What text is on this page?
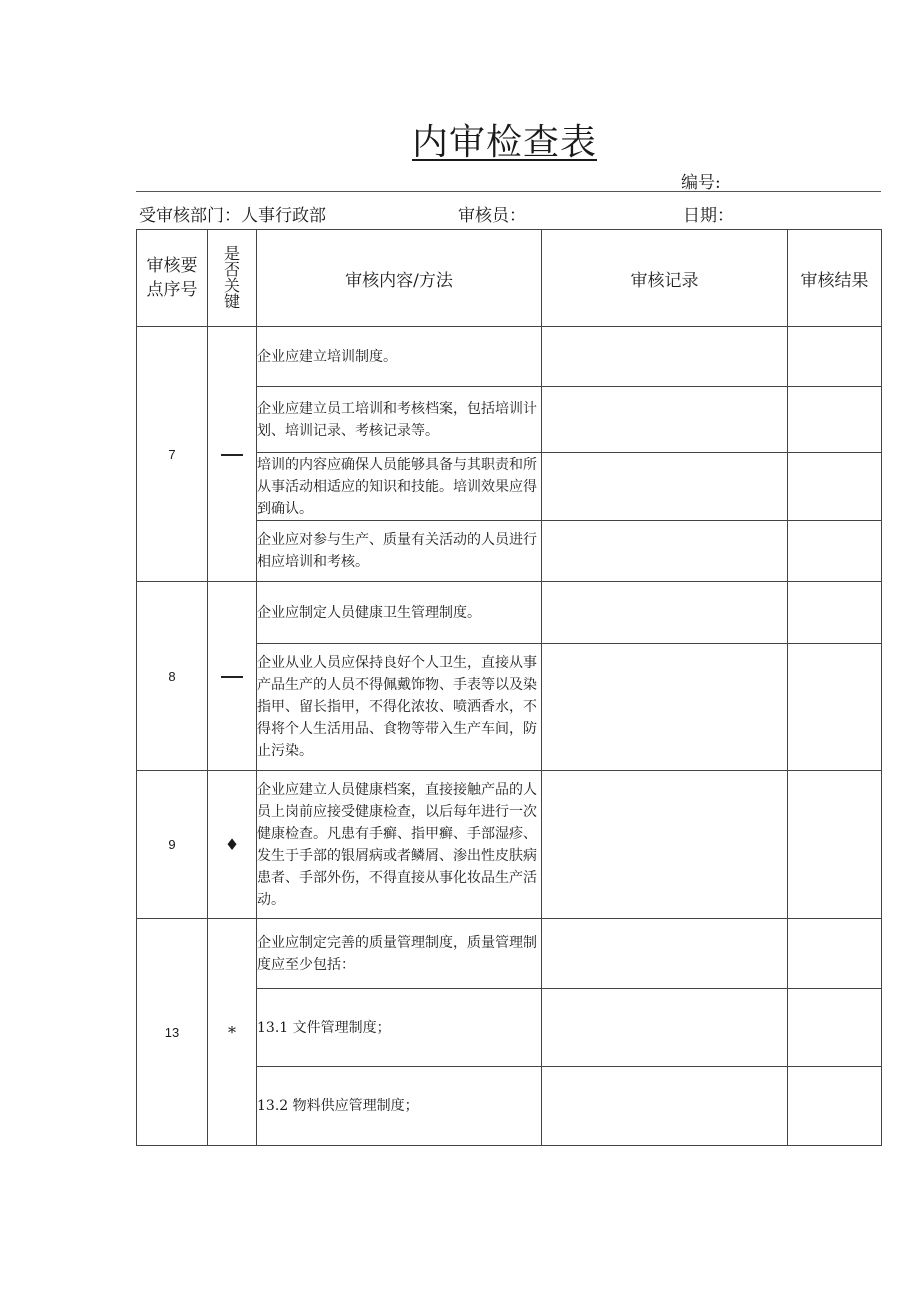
内审检查表
编号:
受审核部门：人事行政部	审核员：	日期：
审核要点序号	是否关键	审核内容/方法	审核记录	审核结果
7		企业应建立培训制度。		
		企业应建立员工培训和考核档案，包括培训计划、培训记录、考核记录等。		
		培训的内容应确保人员能够具备与其职责和所从事活动相适应的知识和技能。培训效果应得到确认。		
		企业应对参与生产、质量有关活动的人员进行相应培训和考核。		
8		企业应制定人员健康卫生管理制度。		
		企业从业人员应保持良好个人卫生，直接从事产品生产的人员不得佩戴饰物、手表等以及染指甲、留长指甲，不得化浓妆、喷洒香水，不得将个人生活用品、食物等带入生产车间，防止污染。		
9	♦	企业应建立人员健康档案，直接接触产品的人员上岗前应接受健康检查，以后每年进行一次健康检查。凡患有手癣、指甲癣、手部湿疹、发生于手部的银屑病或者鳞屑、渗出性皮肤病患者、手部外伤，不得直接从事化妆品生产活动。		
13	*	企业应制定完善的质量管理制度，质量管理制度应至少包括：		
		13.1 文件管理制度；		
		13.2 物料供应管理制度；		
